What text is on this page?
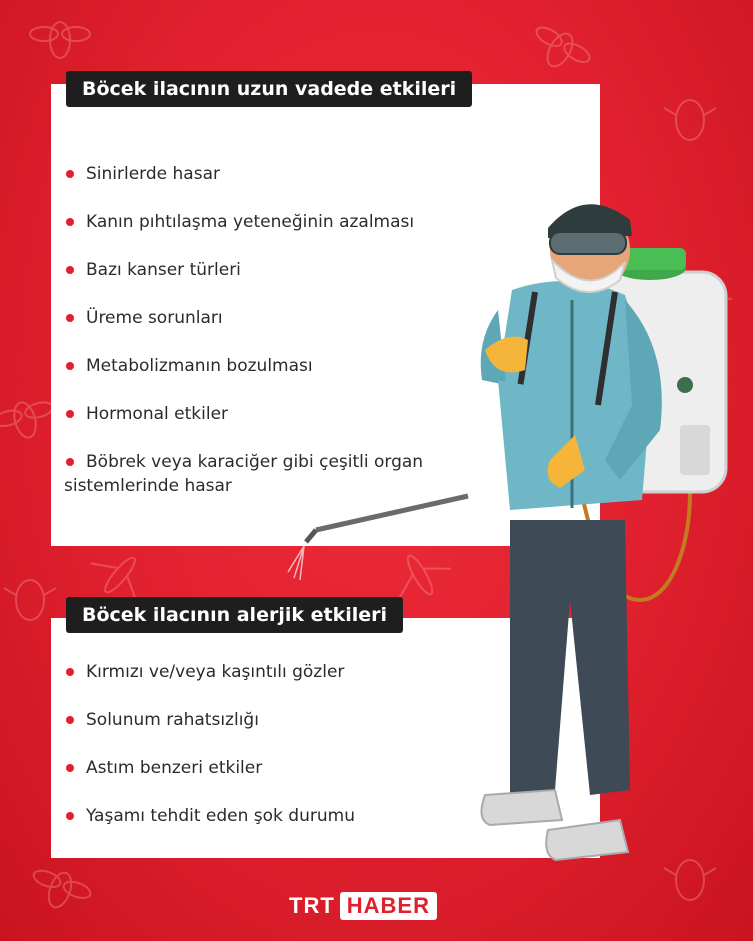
Böcek ilacının uzun vadede etkileri
Sinirlerde hasar
Kanın pıhtılaşma yeteneğinin azalması
Bazı kanser türleri
Üreme sorunları
Metabolizmanın bozulması
Hormonal etkiler
Böbrek veya karaciğer gibi çeşitli organ sistemlerinde hasar
Böcek ilacının alerjik etkileri
Kırmızı ve/veya kaşıntılı gözler
Solunum rahatsızlığı
Astım benzeri etkiler
Yaşamı tehdit eden şok durumu
TRT HABER
